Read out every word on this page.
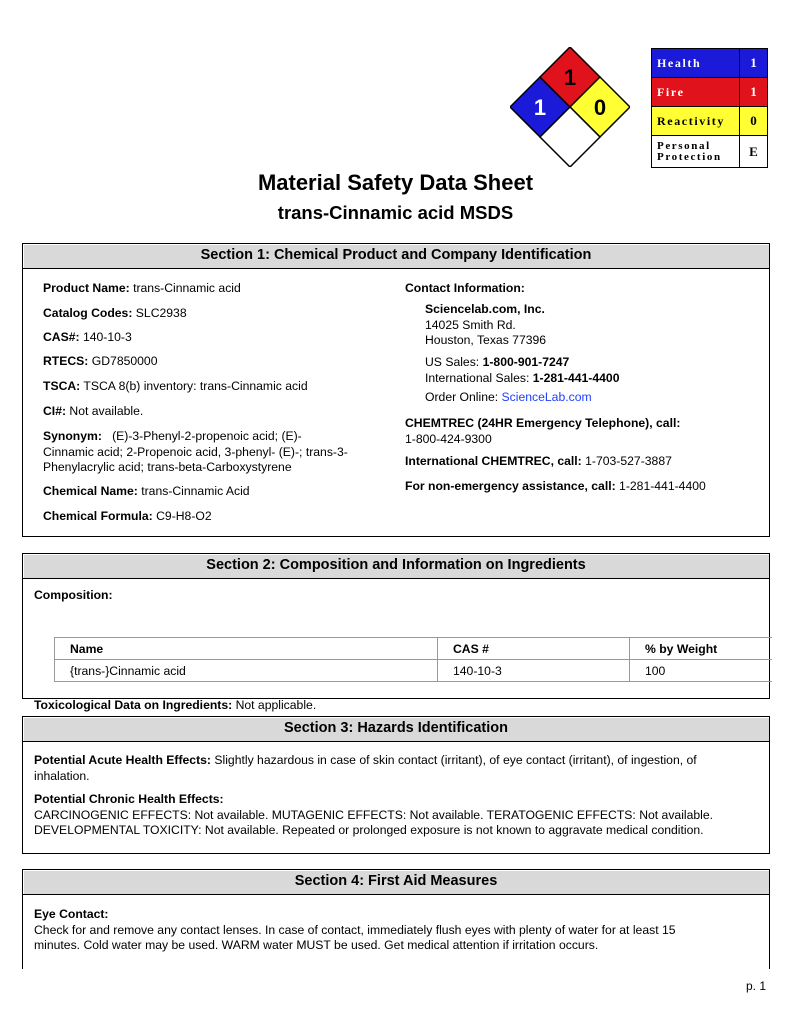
1
1
0
Health	1
Fire	1
Reactivity	0
Personal
Protection	E
Material Safety Data Sheet
trans-Cinnamic acid MSDS
Section 1: Chemical Product and Company Identification
Product Name: trans-Cinnamic acid
Catalog Codes: SLC2938
CAS#: 140-10-3
RTECS: GD7850000
TSCA: TSCA 8(b) inventory: trans-Cinnamic acid
CI#: Not available.
Synonym: (E)-3-Phenyl-2-propenoic acid; (E)-
Cinnamic acid; 2-Propenoic acid, 3-phenyl- (E)-; trans-3-
Phenylacrylic acid; trans-beta-Carboxystyrene
Chemical Name: trans-Cinnamic Acid
Chemical Formula: C9-H8-O2
Contact Information:
Sciencelab.com, Inc.
14025 Smith Rd.
Houston, Texas 77396
US Sales: 1-800-901-7247
International Sales: 1-281-441-4400
Order Online: ScienceLab.com
CHEMTREC (24HR Emergency Telephone), call:
1-800-424-9300
International CHEMTREC, call: 1-703-527-3887
For non-emergency assistance, call: 1-281-441-4400
Section 2: Composition and Information on Ingredients
Composition:
Name	CAS #	% by Weight
{trans-}Cinnamic acid	140-10-3	100
Toxicological Data on Ingredients: Not applicable.
Section 3: Hazards Identification
Potential Acute Health Effects: Slightly hazardous in case of skin contact (irritant), of eye contact (irritant), of ingestion, of
inhalation.
Potential Chronic Health Effects:
CARCINOGENIC EFFECTS: Not available. MUTAGENIC EFFECTS: Not available. TERATOGENIC EFFECTS: Not available.
DEVELOPMENTAL TOXICITY: Not available. Repeated or prolonged exposure is not known to aggravate medical condition.
Section 4: First Aid Measures
Eye Contact:
Check for and remove any contact lenses. In case of contact, immediately flush eyes with plenty of water for at least 15
minutes. Cold water may be used. WARM water MUST be used. Get medical attention if irritation occurs.
p. 1
